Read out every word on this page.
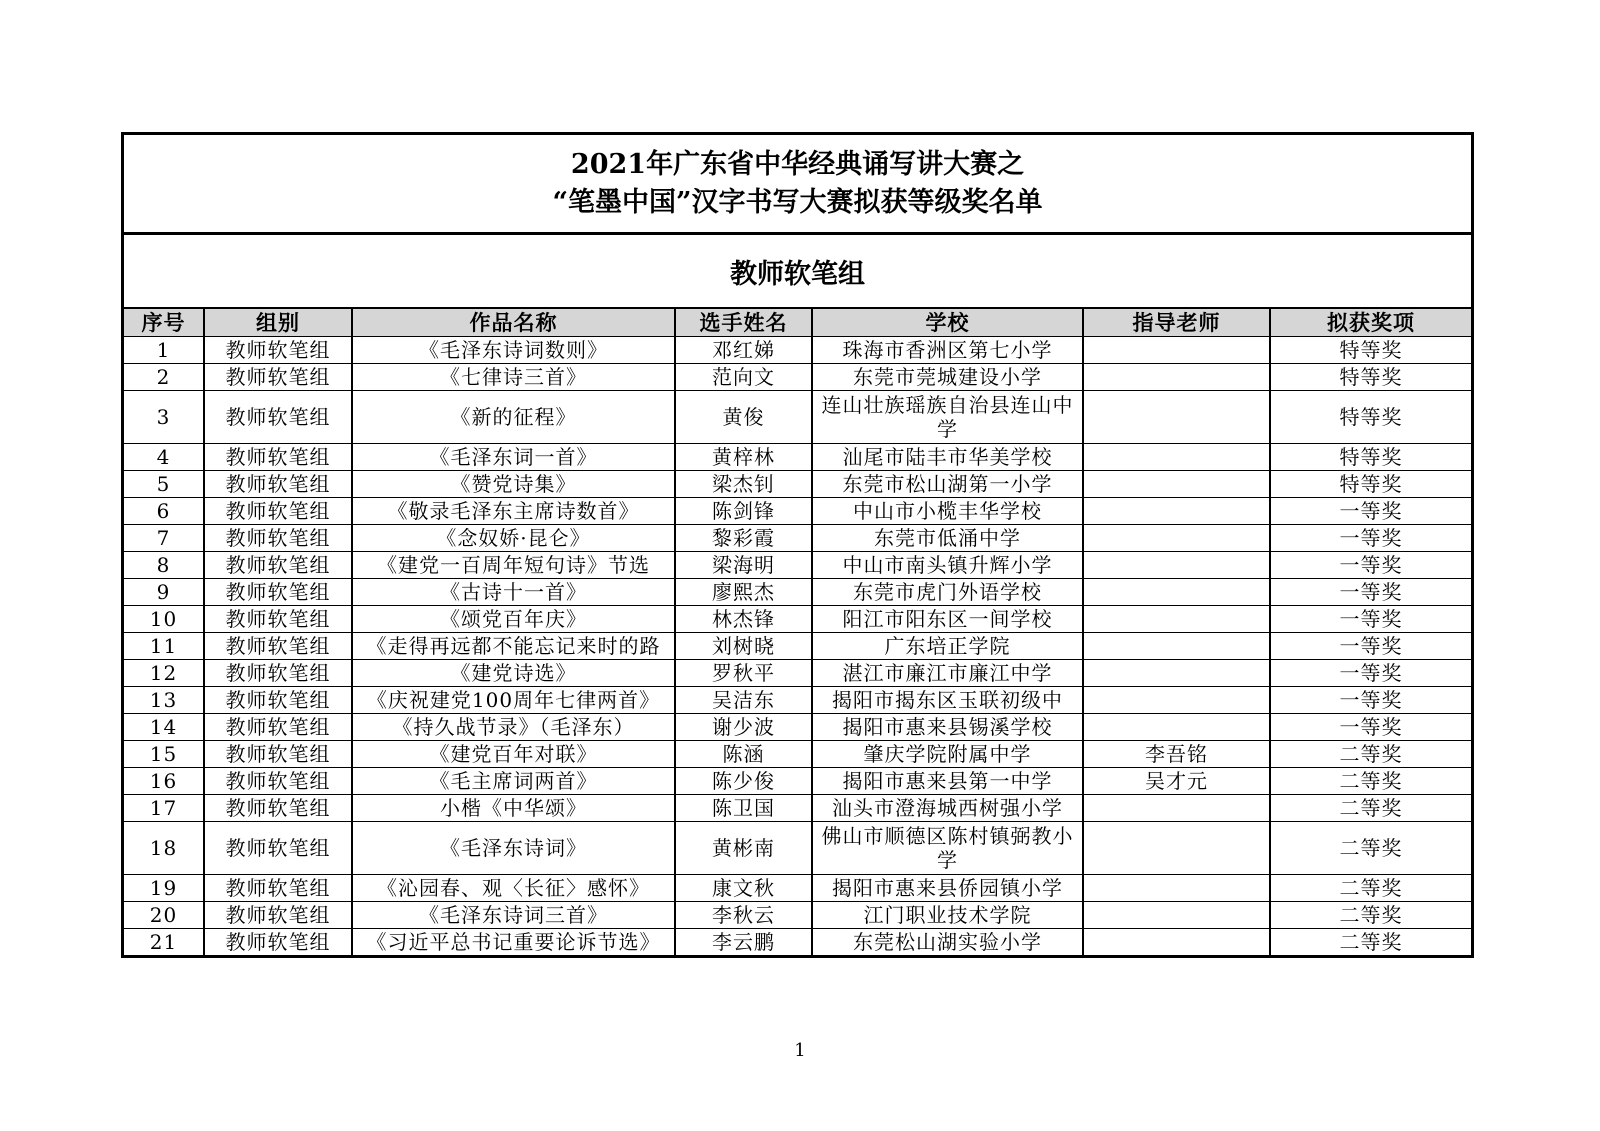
2021年广东省中华经典诵写讲大赛之
“笔墨中国”汉字书写大赛拟获等级奖名单
教师软笔组
序号	组别	作品名称	选手姓名	学校	指导老师	拟获奖项
1	教师软笔组	《毛泽东诗词数则》	邓红娣	珠海市香洲区第七小学		特等奖
2	教师软笔组	《七律诗三首》	范向文	东莞市莞城建设小学		特等奖
3	教师软笔组	《新的征程》	黄俊	连山壮族瑶族自治县连山中学		特等奖
4	教师软笔组	《毛泽东词一首》	黄梓林	汕尾市陆丰市华美学校		特等奖
5	教师软笔组	《赞党诗集》	梁杰钊	东莞市松山湖第一小学		特等奖
6	教师软笔组	《敬录毛泽东主席诗数首》	陈剑锋	中山市小榄丰华学校		一等奖
7	教师软笔组	《念奴娇·昆仑》	黎彩霞	东莞市低涌中学		一等奖
8	教师软笔组	《建党一百周年短句诗》节选	梁海明	中山市南头镇升辉小学		一等奖
9	教师软笔组	《古诗十一首》	廖熙杰	东莞市虎门外语学校		一等奖
10	教师软笔组	《颂党百年庆》	林杰锋	阳江市阳东区一间学校		一等奖
11	教师软笔组	《走得再远都不能忘记来时的路	刘树晓	广东培正学院		一等奖
12	教师软笔组	《建党诗选》	罗秋平	湛江市廉江市廉江中学		一等奖
13	教师软笔组	《庆祝建党100周年七律两首》	吴洁东	揭阳市揭东区玉联初级中		一等奖
14	教师软笔组	《持久战节录》（毛泽东）	谢少波	揭阳市惠来县锡溪学校		一等奖
15	教师软笔组	《建党百年对联》	陈涵	肇庆学院附属中学	李吾铭	二等奖
16	教师软笔组	《毛主席词两首》	陈少俊	揭阳市惠来县第一中学	吴才元	二等奖
17	教师软笔组	小楷《中华颂》	陈卫国	汕头市澄海城西树强小学		二等奖
18	教师软笔组	《毛泽东诗词》	黄彬南	佛山市顺德区陈村镇弼教小学		二等奖
19	教师软笔组	《沁园春、观〈长征〉感怀》	康文秋	揭阳市惠来县侨园镇小学		二等奖
20	教师软笔组	《毛泽东诗词三首》	李秋云	江门职业技术学院		二等奖
21	教师软笔组	《习近平总书记重要论诉节选》	李云鹏	东莞松山湖实验小学		二等奖
1
